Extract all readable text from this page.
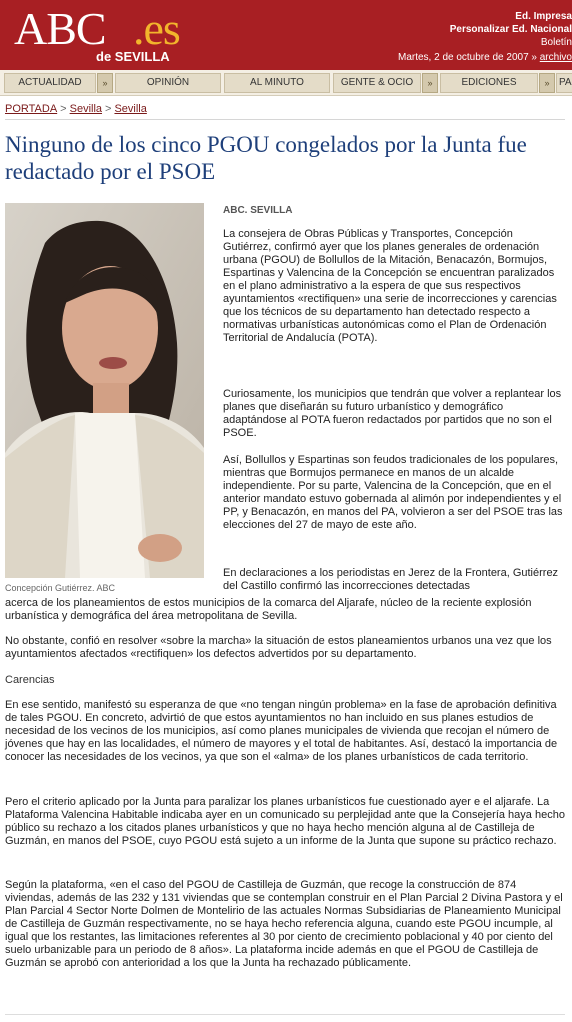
ABC .es
de SEVILLA
Ed. Impresa
Personalizar Ed. Nacional
Boletín
Martes, 2 de octubre de 2007 » archivo
ACTUALIDAD	»	OPINIÓN	AL MINUTO	GENTE & OCIO	»	EDICIONES	» PA
PORTADA > Sevilla > Sevilla
Ninguno de los cinco PGOU congelados por la Junta fue redactado por el PSOE
Concepción Gutiérrez. ABC
ABC. SEVILLA

La consejera de Obras Públicas y Transportes, Concepción Gutiérrez, confirmó ayer que los planes generales de ordenación urbana (PGOU) de Bollullos de la Mitación, Benacazón, Bormujos, Espartinas y Valencina de la Concepción se encuentran paralizados en el plano administrativo a la espera de que sus respectivos ayuntamientos «rectifiquen» una serie de incorrecciones y carencias que los técnicos de su departamento han detectado respecto a normativas urbanísticas autonómicas como el Plan de Ordenación Territorial de Andalucía (POTA).

Curiosamente, los municipios que tendrán que volver a replantear los planes que diseñarán su futuro urbanístico y demográfico adaptándose al POTA fueron redactados por partidos que no son el PSOE.

Así, Bollullos y Espartinas son feudos tradicionales de los populares, mientras que Bormujos permanece en manos de un alcalde independiente. Por su parte, Valencina de la Concepción, que en el anterior mandato estuvo gobernada al alimón por independientes y el PP, y Benacazón, en manos del PA, volvieron a ser del PSOE tras las elecciones del 27 de mayo de este año.

En declaraciones a los periodistas en Jerez de la Frontera, Gutiérrez del Castillo confirmó las incorrecciones detectadas

acerca de los planeamientos de estos municipios de la comarca del Aljarafe, núcleo de la reciente explosión urbanística y demográfica del área metropolitana de Sevilla.

No obstante, confió en resolver «sobre la marcha» la situación de estos planeamientos urbanos una vez que los ayuntamientos afectados «rectifiquen» los defectos advertidos por su departamento.

Carencias

En ese sentido, manifestó su esperanza de que «no tengan ningún problema» en la fase de aprobación definitiva de tales PGOU. En concreto, advirtió de que estos ayuntamientos no han incluido en sus planes estudios de necesidad de los vecinos de los municipios, así como planes municipales de vivienda que recojan el número de jóvenes que hay en las localidades, el número de mayores y el total de habitantes. Así, destacó la importancia de conocer las necesidades de los vecinos, ya que son el «alma» de los planes urbanísticos de cada territorio.

Pero el criterio aplicado por la Junta para paralizar los planes urbanísticos fue cuestionado ayer e el aljarafe. La Plataforma Valencina Habitable indicaba ayer en un comunicado su perplejidad ante que la Consejería haya hecho público su rechazo a los citados planes urbanísticos y que no haya hecho mención alguna al de Castilleja de Guzmán, en manos del PSOE, cuyo PGOU está sujeto a un informe de la Junta que supone su práctico rechazo.

Según la plataforma, «en el caso del PGOU de Castilleja de Guzmán, que recoge la construcción de 874 viviendas, además de las 232 y 131 viviendas que se contemplan construir en el Plan Parcial 2 Divina Pastora y el Plan Parcial 4 Sector Norte Dolmen de Montelirio de las actuales Normas Subsidiarias de Planeamiento Municipal de Castilleja de Guzmán respectivamente, no se haya hecho referencia alguna, cuando este PGOU incumple, al igual que los restantes, las limitaciones referentes al 30 por ciento de crecimiento poblacional y 40 por ciento del suelo urbanizable para un periodo de 8 años». La plataforma incide además en que el PGOU de Castilleja de Guzmán se aprobó con anterioridad a los que la Junta ha rechazado públicamente.
